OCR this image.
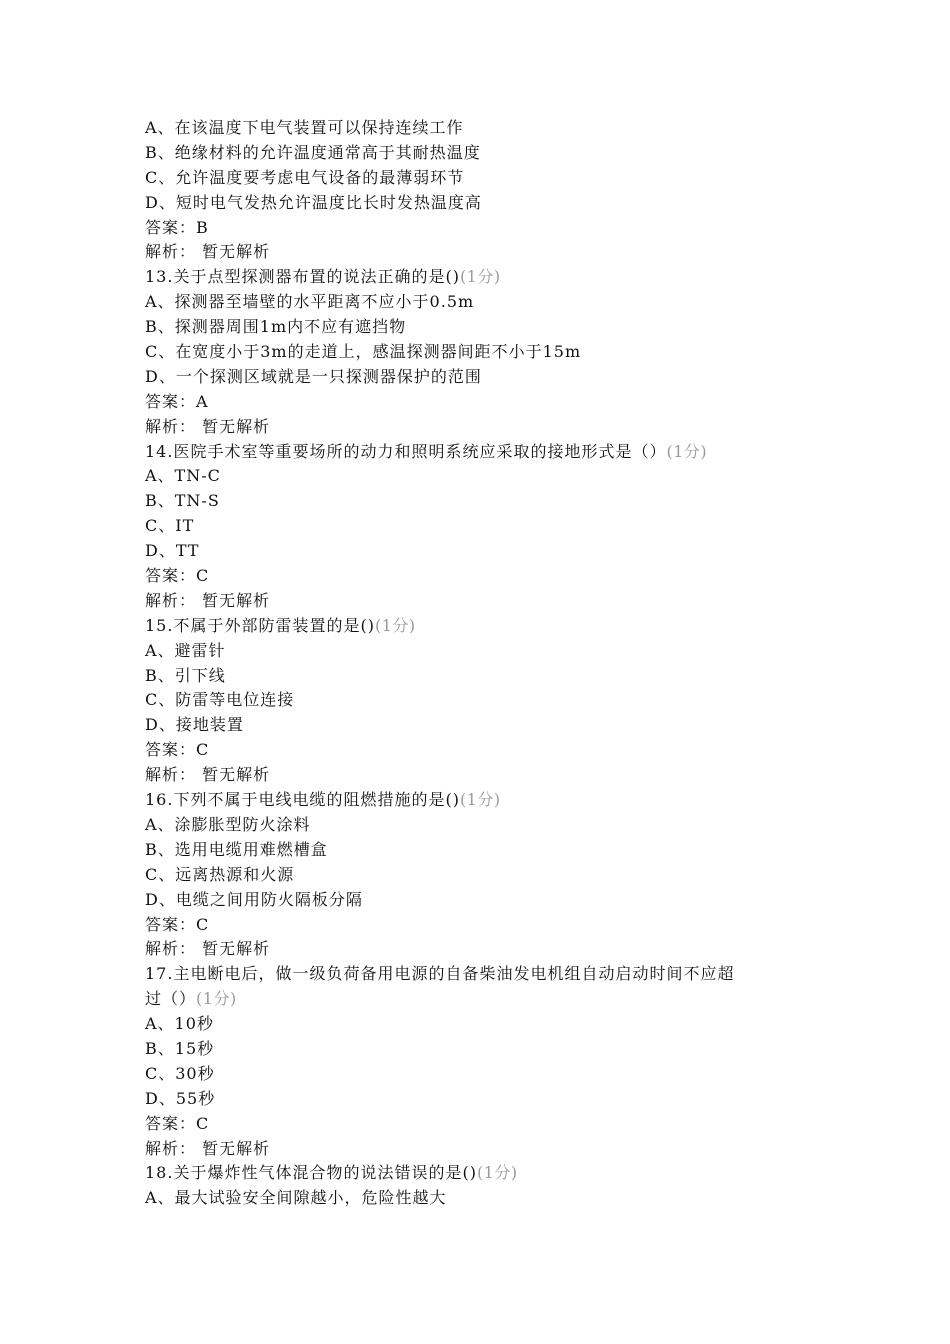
A、在该温度下电气装置可以保持连续工作
B、绝缘材料的允许温度通常高于其耐热温度
C、允许温度要考虑电气设备的最薄弱环节
D、短时电气发热允许温度比长时发热温度高
答案：B
解析： 暂无解析
13.关于点型探测器布置的说法正确的是()(1分)
A、探测器至墙壁的水平距离不应小于0.5m
B、探测器周围1m内不应有遮挡物
C、在宽度小于3m的走道上，感温探测器间距不小于15m
D、一个探测区域就是一只探测器保护的范围
答案：A
解析： 暂无解析
14.医院手术室等重要场所的动力和照明系统应采取的接地形式是（）(1分)
A、TN-C
B、TN-S
C、IT
D、TT
答案：C
解析： 暂无解析
15.不属于外部防雷装置的是()(1分)
A、避雷针
B、引下线
C、防雷等电位连接
D、接地装置
答案：C
解析： 暂无解析
16.下列不属于电线电缆的阻燃措施的是()(1分)
A、涂膨胀型防火涂料
B、选用电缆用难燃槽盒
C、远离热源和火源
D、电缆之间用防火隔板分隔
答案：C
解析： 暂无解析
17.主电断电后，做一级负荷备用电源的自备柴油发电机组自动启动时间不应超
过（）(1分)
A、10秒
B、15秒
C、30秒
D、55秒
答案：C
解析： 暂无解析
18.关于爆炸性气体混合物的说法错误的是()(1分)
A、最大试验安全间隙越小，危险性越大
